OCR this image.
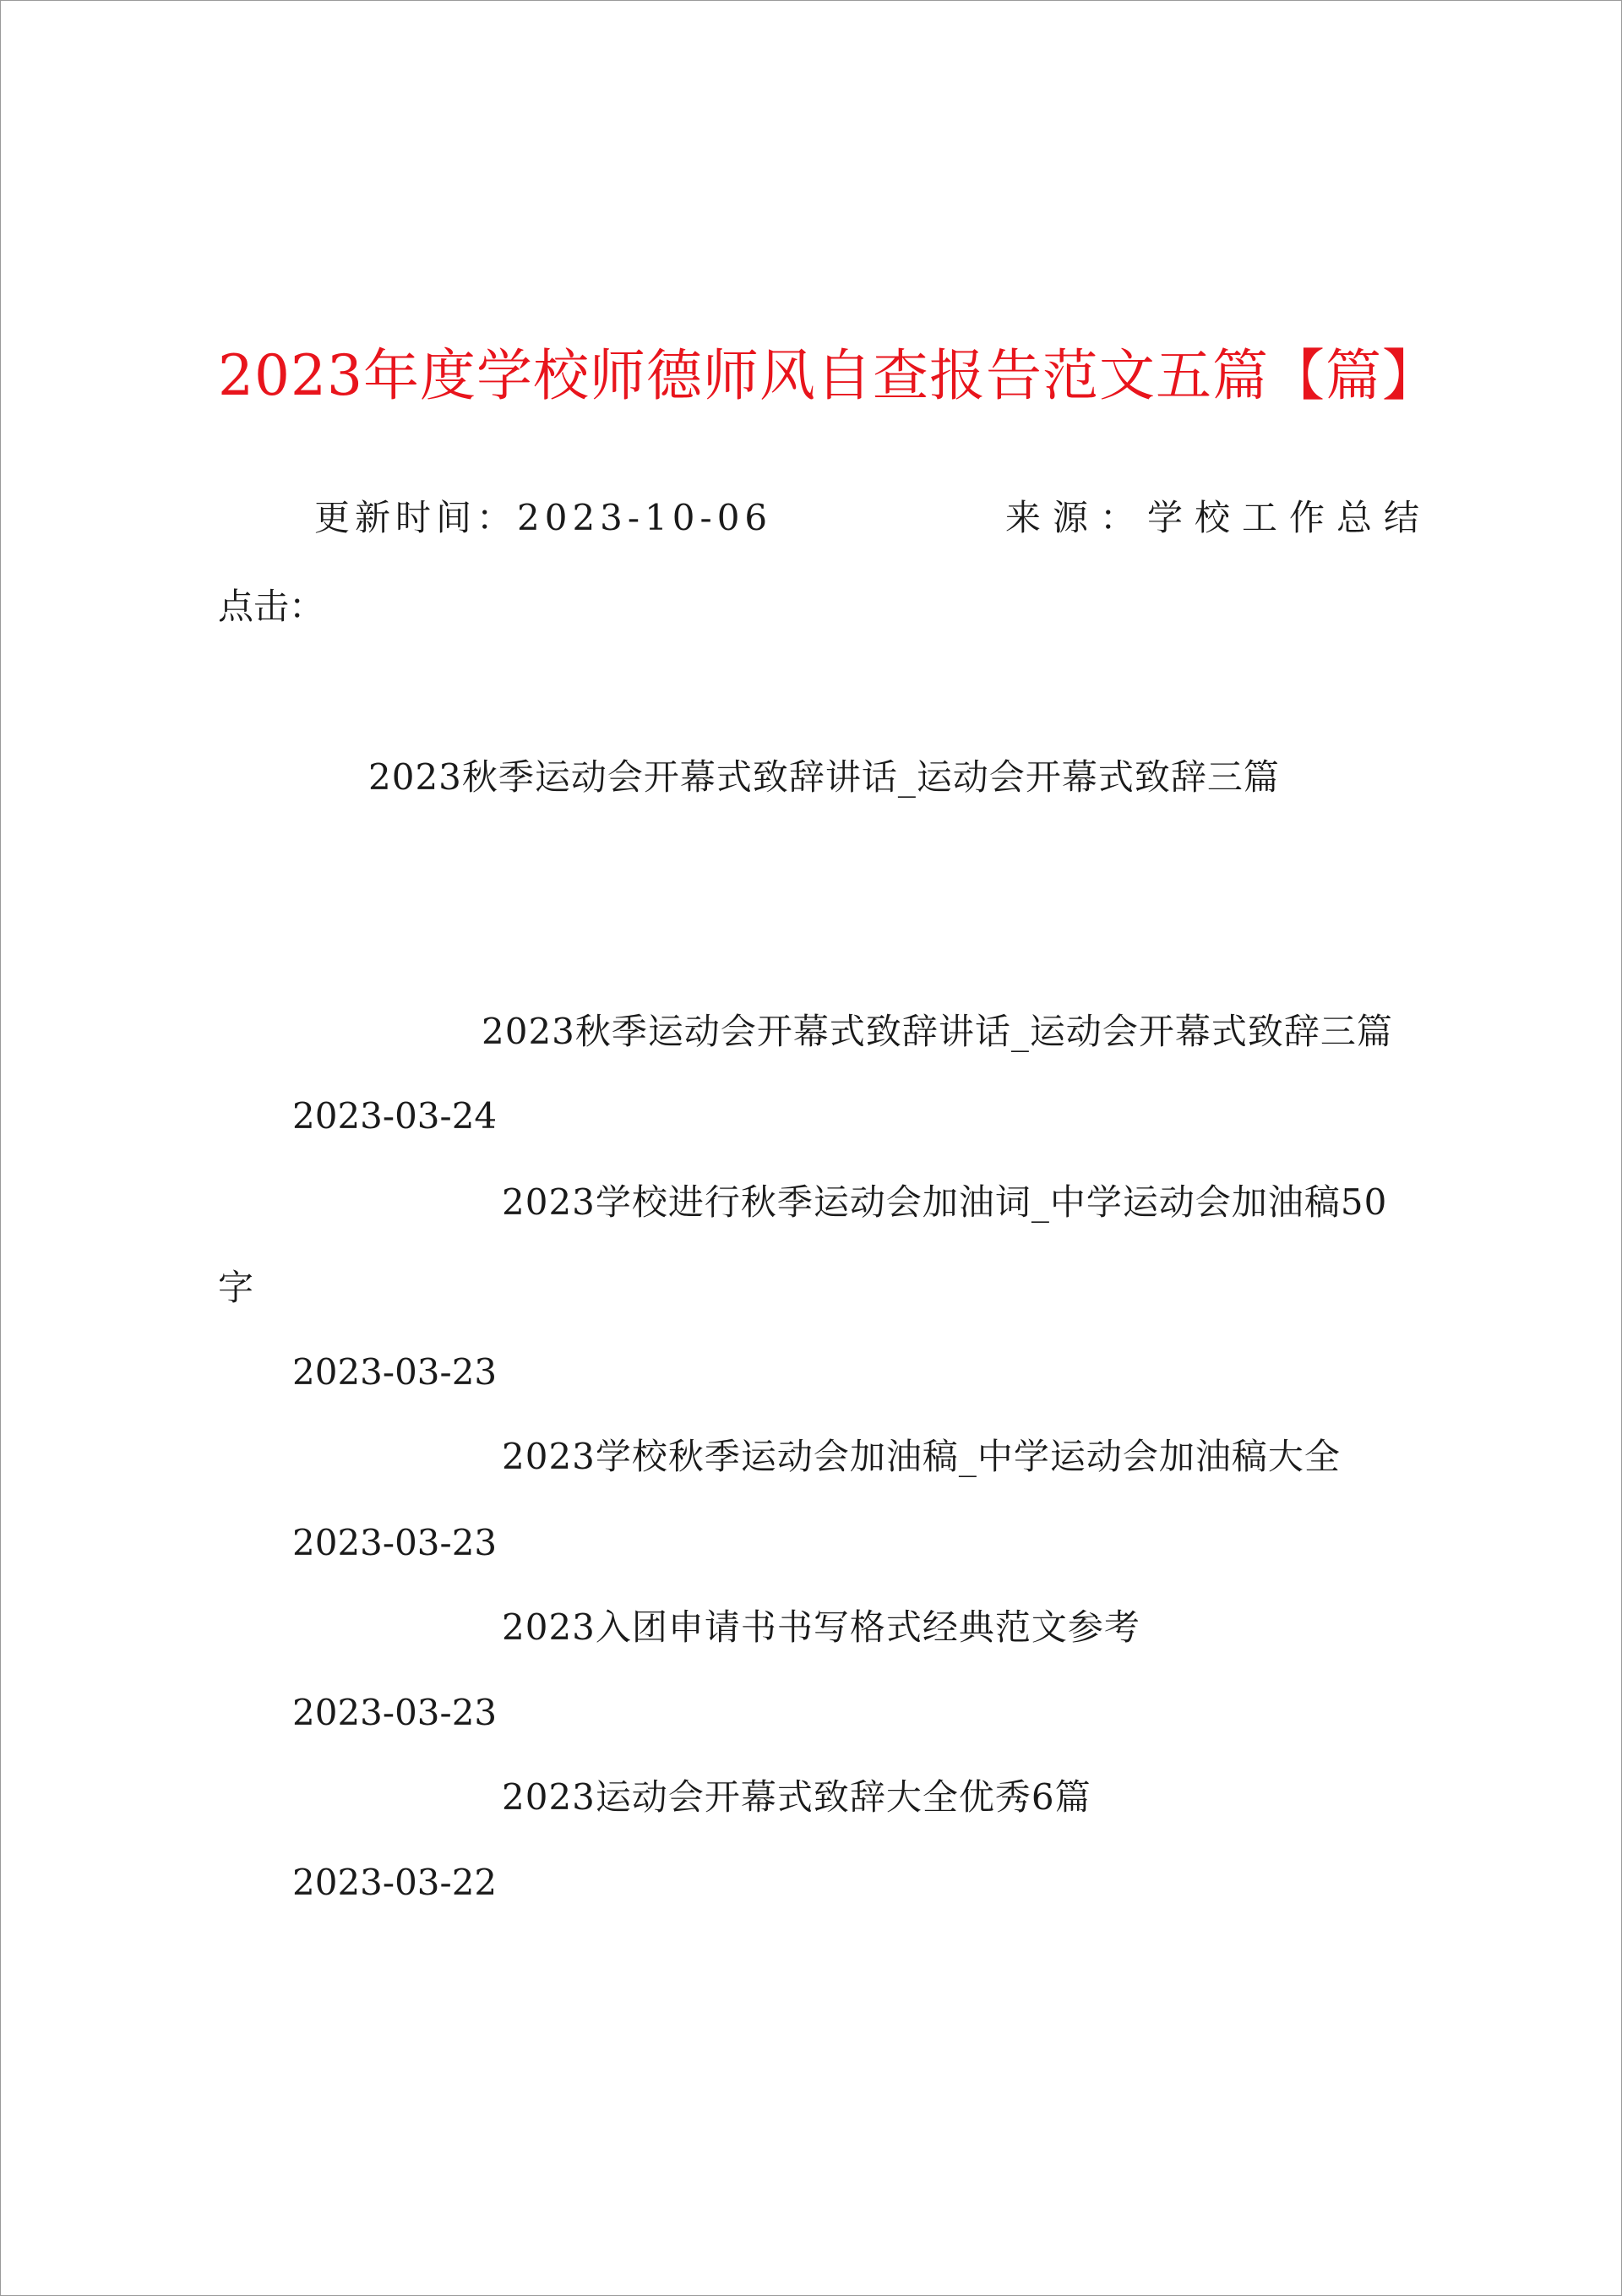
2023年度学校师德师风自查报告范文五篇【篇】
更新时间：2023-10-06	来源：学校工作总结
点击：
2023秋季运动会开幕式致辞讲话_运动会开幕式致辞三篇
2023秋季运动会开幕式致辞讲话_运动会开幕式致辞三篇
2023-03-24
2023学校进行秋季运动会加油词_中学运动会加油稿50
字
2023-03-23
2023学校秋季运动会加油稿_中学运动会加油稿大全
2023-03-23
2023入团申请书书写格式经典范文参考
2023-03-23
2023运动会开幕式致辞大全优秀6篇
2023-03-22
